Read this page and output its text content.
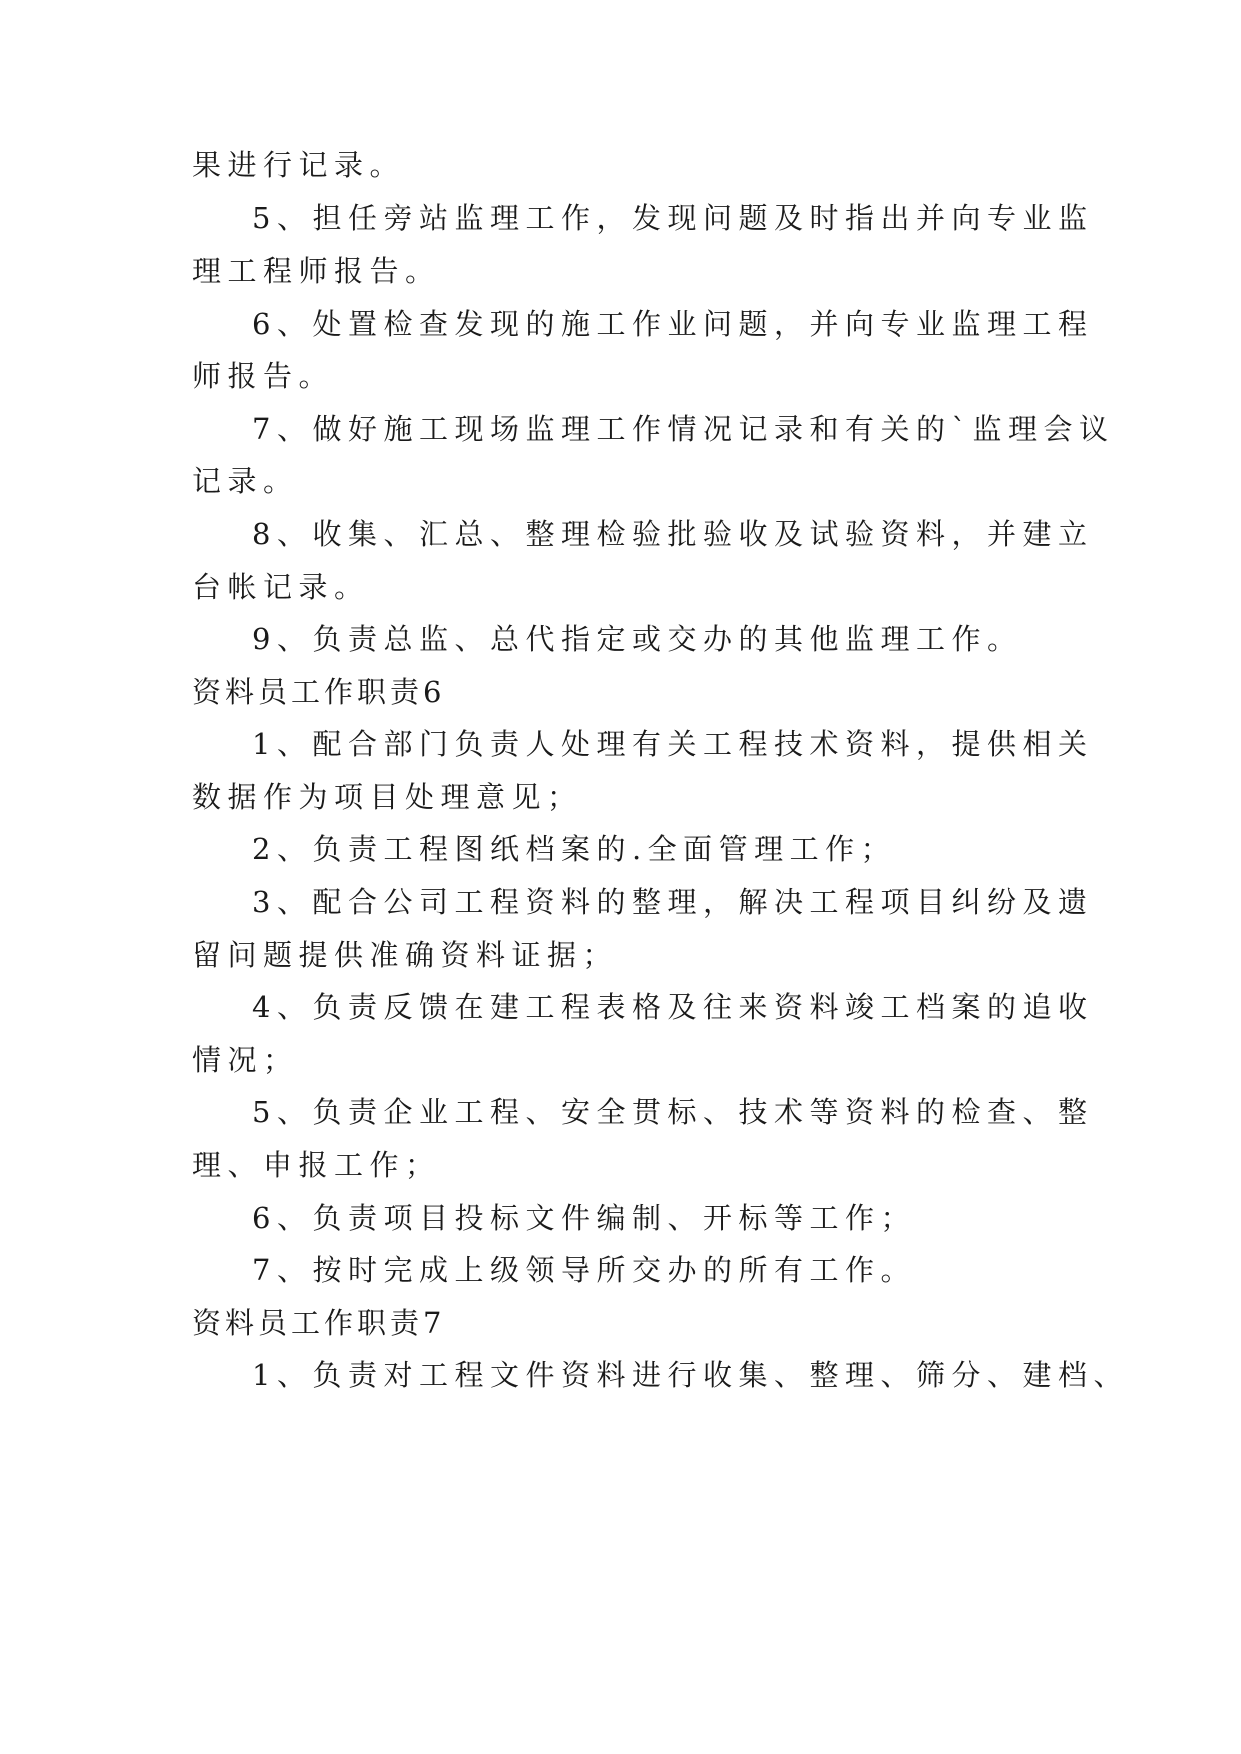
果进行记录。
5、担任旁站监理工作，发现问题及时指出并向专业监
理工程师报告。
6、处置检查发现的施工作业问题，并向专业监理工程
师报告。
7、做好施工现场监理工作情况记录和有关的`监理会议
记录。
8、收集、汇总、整理检验批验收及试验资料，并建立
台帐记录。
9、负责总监、总代指定或交办的其他监理工作。
资料员工作职责6
1、配合部门负责人处理有关工程技术资料，提供相关
数据作为项目处理意见；
2、负责工程图纸档案的.全面管理工作；
3、配合公司工程资料的整理，解决工程项目纠纷及遗
留问题提供准确资料证据；
4、负责反馈在建工程表格及往来资料竣工档案的追收
情况；
5、负责企业工程、安全贯标、技术等资料的检查、整
理、申报工作；
6、负责项目投标文件编制、开标等工作；
7、按时完成上级领导所交办的所有工作。
资料员工作职责7
1、负责对工程文件资料进行收集、整理、筛分、建档、
